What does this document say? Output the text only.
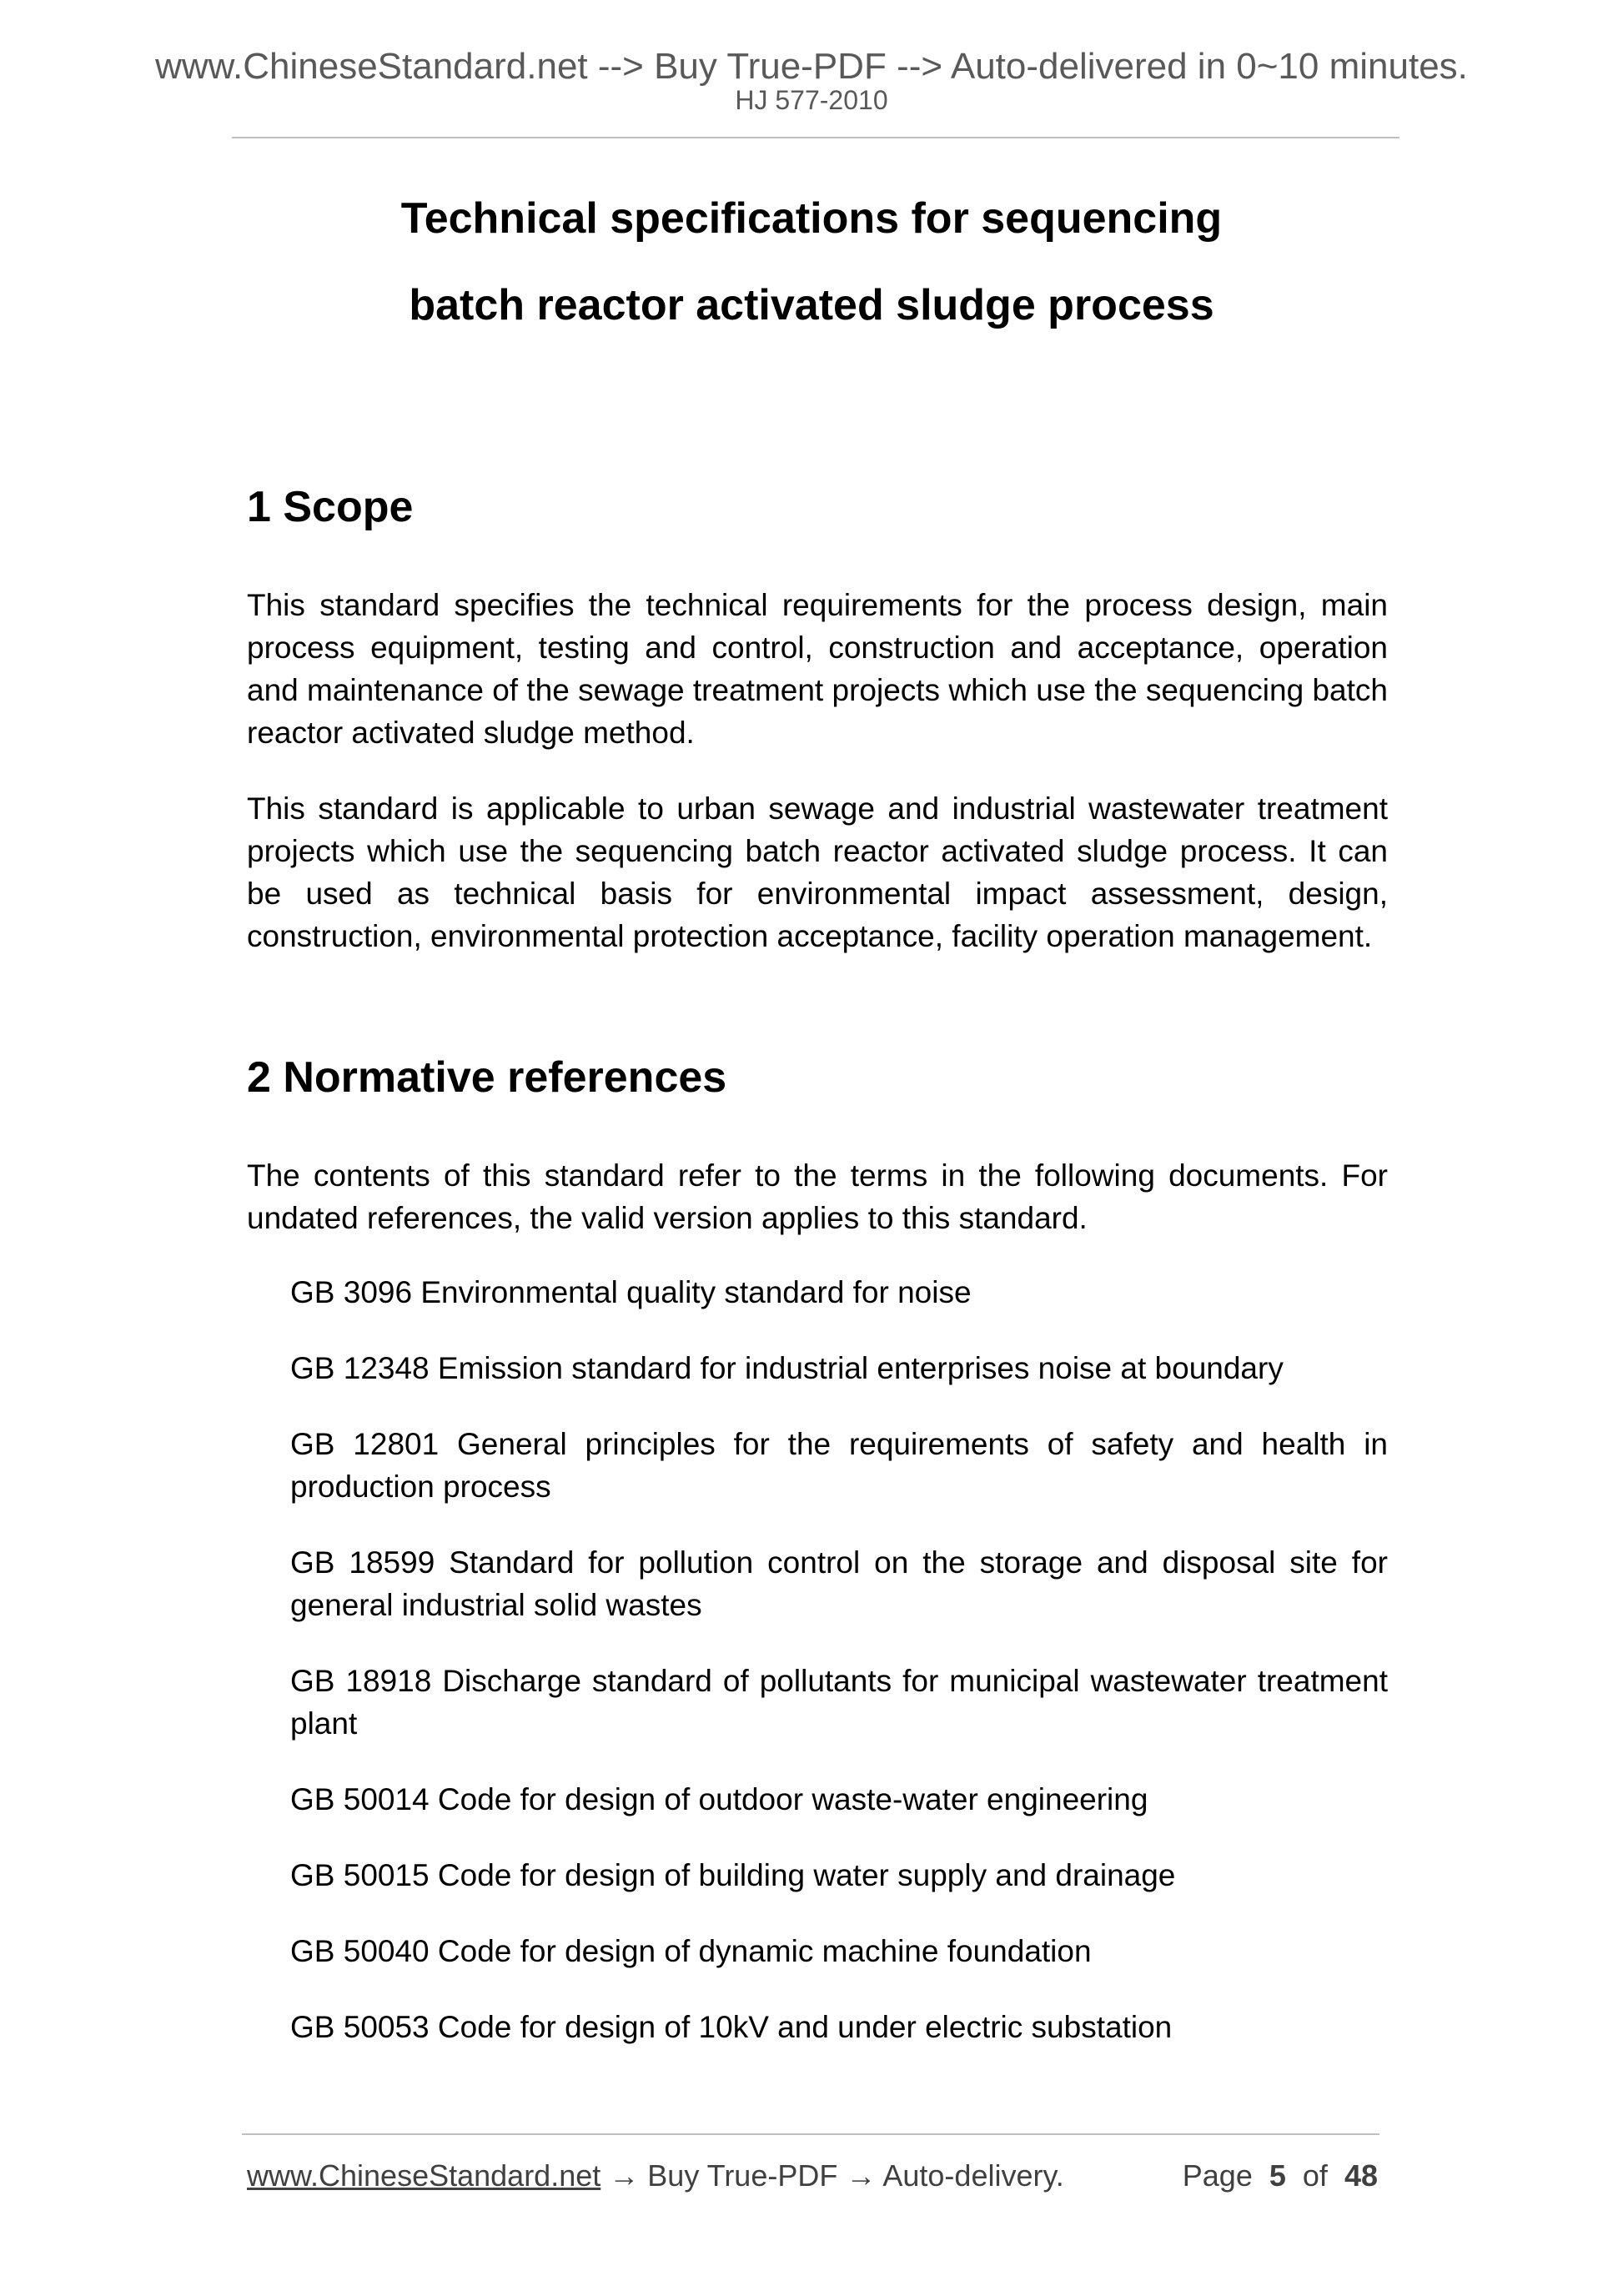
www.ChineseStandard.net --> Buy True-PDF --> Auto-delivered in 0~10 minutes.
HJ 577-2010
Technical specifications for sequencing
batch reactor activated sludge process
1 Scope

This standard specifies the technical requirements for the process design, main process equipment, testing and control, construction and acceptance, operation and maintenance of the sewage treatment projects which use the sequencing batch reactor activated sludge method.

This standard is applicable to urban sewage and industrial wastewater treatment projects which use the sequencing batch reactor activated sludge process. It can be used as technical basis for environmental impact assessment, design, construction, environmental protection acceptance, facility operation management.

2 Normative references

The contents of this standard refer to the terms in the following documents. For undated references, the valid version applies to this standard.

GB 3096 Environmental quality standard for noise

GB 12348 Emission standard for industrial enterprises noise at boundary

GB 12801 General principles for the requirements of safety and health in production process

GB 18599 Standard for pollution control on the storage and disposal site for general industrial solid wastes

GB 18918 Discharge standard of pollutants for municipal wastewater treatment plant

GB 50014 Code for design of outdoor waste-water engineering

GB 50015 Code for design of building water supply and drainage

GB 50040 Code for design of dynamic machine foundation

GB 50053 Code for design of 10kV and under electric substation

www.ChineseStandard.net → Buy True-PDF → Auto-delivery.	Page 5 of 48
